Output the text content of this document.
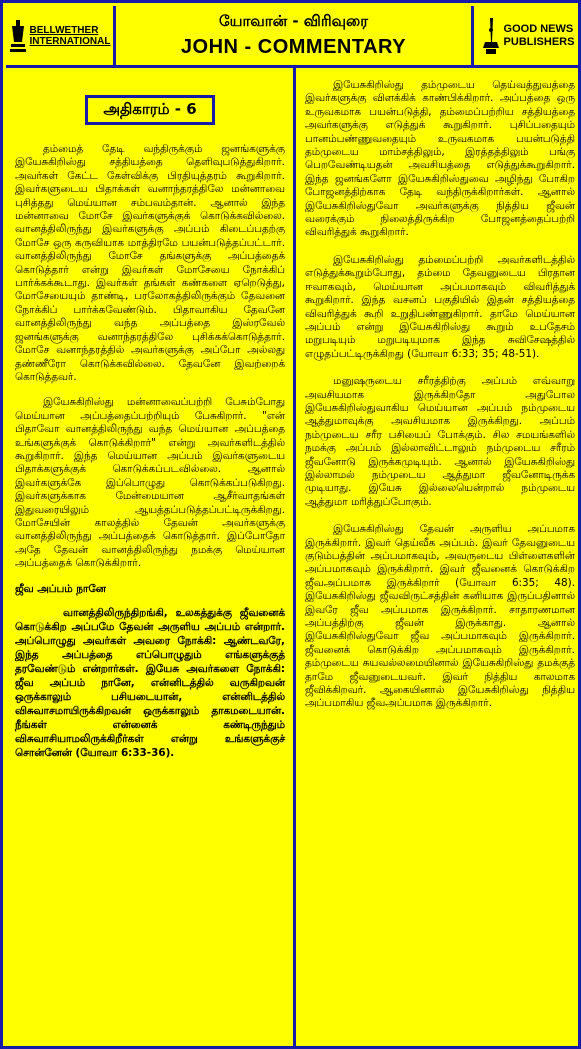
BELLWETHER
INTERNATIONAL
யோவான் - விரிவுரை
JOHN - COMMENTARY
GOOD NEWS
PUBLISHERS
அதிகாரம் - 6

தம்மைத் தேடி வந்திருக்கும் ஜனங்களுக்கு இயேசுகிறிஸ்து சத்தியத்தை தெளிவுபடுத்துகிறார். அவர்கள் கேட்ட கேள்விக்கு பிரதியுத்தரம் கூறுகிறார். இவர்களுடைய பிதாக்கள் வனாந்தரத்திலே மன்னாவை புசித்தது மெய்யான சம்பவம்தான். ஆனால் இந்த மன்னாவை மோசே இவர்களுக்குக் கொடுக்கவில்லை. வானத்திலிருந்து இவர்களுக்கு அப்பம் கிடைப்பதற்கு மோசே ஒரு கருவியாக மாத்திரமே பயன்படுத்தப்பட்டார். வானத்திலிருந்து மோசே தங்களுக்கு அப்பத்தைக் கொடுத்தார் என்று இவர்கள் மோசேயை நோக்கிப் பார்க்கக்கூடாது. இவர்கள் தங்கள் கண்களை ஏறெடுத்து, மோசேயையும் தாண்டி, பரலோகத்திலிருக்கும் தேவனை நோக்கிப் பார்க்கவேண்டும். பிதாவாகிய தேவனே வானத்திலிருந்து வந்த அப்பத்தை இஸ்ரவேல் ஜனங்களுக்கு வனாந்தரத்திலே புசிக்கக்கொடுத்தார். மோசே வனாந்தரத்தில் அவர்களுக்கு அப்போ அல்லது தண்ணீரோ கொடுக்கவில்லை. தேவனே இவற்றைக் கொடுத்தவர்.

இயேசுகிறிஸ்து மன்னாவைப்பற்றி பேசும்போது மெய்யான அப்பத்தைப்பற்றியும் பேசுகிறார். "என் பிதாவோ வானத்திலிருந்து வந்த மெய்யான அப்பத்தை உங்களுக்குக் கொடுக்கிறார்" என்று அவர்களிடத்தில் கூறுகிறார். இந்த மெய்யான அப்பம் இவர்களுடைய பிதாக்களுக்குக் கொடுக்கப்படவில்லை. ஆனால் இவர்களுக்கே இப்பொழுது கொடுக்கப்படுகிறது. இவர்களுக்காக மேன்மையான ஆசீர்வாதங்கள் இதுவரையிலும் ஆயத்தப்படுத்தப்பட்டிருக்கிறது. மோசேயின் காலத்தில் தேவன் அவர்களுக்கு வானத்திலிருந்து அப்பத்தைக் கொடுத்தார். இப்போதோ அதே தேவன் வானத்திலிருந்து நமக்கு மெய்யான அப்பத்தைக் கொடுக்கிறார்.

ஜீவ அப்பம் நானே

வானத்திலிருந்திறங்கி, உலகத்துக்கு ஜீவனைக் கொடுக்கிற அப்பமே தேவன் அருளிய அப்பம் என்றார். அப்பொழுது அவர்கள் அவரை நோக்கி: ஆண்டவரே, இந்த அப்பத்தை எப்பொழுதும் எங்களுக்குத் தரவேண்டும் என்றார்கள். இயேசு அவர்களை நோக்கி: ஜீவ அப்பம் நானே, என்னிடத்தில் வருகிறவன் ஒருக்காலும் பசியடையான், என்னிடத்தில் விசுவாசமாயிருக்கிறவன் ஒருக்காலும் தாகமடையான். நீங்கள் என்னைக் கண்டிருந்தும் விசுவாசியாமலிருக்கிறீர்கள் என்று உங்களுக்குச் சொன்னேன் (யோவா 6:33-36).

இயேசுகிறிஸ்து தம்முடைய தெய்வத்துவத்தை இவர்களுக்கு விளக்கிக் காண்பிக்கிறார். அப்பத்தை ஒரு உருவகமாக பயன்படுத்தி, தம்மைப்பற்றிய சத்தியத்தை அவர்களுக்கு எடுத்துக் கூறுகிறார். புசிப்பதையும் பானம்பண்ணுவதையும் உருவகமாக பயன்படுத்தி தம்முடைய மாம்சத்திலும், இரத்தத்திலும் பங்கு பெறவேண்டியதன் அவசியத்தை எடுத்துக்கூறுகிறார். இந்த ஜனங்களோ இயேசுகிறிஸ்துவை அழிந்து போகிற போஜனத்திற்காக தேடி வந்திருக்கிறார்கள். ஆனால் இயேசுகிறிஸ்துவோ அவர்களுக்கு நித்திய ஜீவன் வரைக்கும் நிலைத்திருக்கிற போஜனத்தைப்பற்றி விவரித்துக் கூறுகிறார்.

இயேசுகிறிஸ்து தம்மைப்பற்றி அவர்களிடத்தில் எடுத்துக்கூறும்போது, தம்மை தேவனுடைய பிரதான ஈவாகவும், மெய்யான அப்பமாகவும் விவரித்துக் கூறுகிறார். இந்த வசனப் பகுதியில் இதன் சத்தியத்தை விவரித்துக் கூறி உறுதிபண்ணுகிறார். தாமே மெய்யான அப்பம் என்று இயேசுகிறிஸ்து கூறும் உபதேசம் மறுபடியும் மறுபடியுமாக இந்த சுவிசேஷத்தில் எழுதப்பட்டிருக்கிறது (யோவா 6:33; 35; 48-51).

மனுஷருடைய சரீரத்திற்கு அப்பம் எவ்வாறு அவசியமாக இருக்கிறதோ அதுபோல இயேசுகிறிஸ்துவாகிய மெய்யான அப்பம் நம்முடைய ஆத்துமாவுக்கு அவசியமாக இருக்கிறது. அப்பம் நம்முடைய சரீர பசியைப் போக்கும். சில சமயங்களில் நமக்கு அப்பம் இல்லாவிட்டாலும் நம்முடைய சரீரம் ஜீவனோடு இருக்கமுடியும். ஆனால் இயேசுகிறிஸ்து இல்லாமல் நம்முடைய ஆத்துமா ஜீவனோடிருக்க முடியாது. இயேசு இல்லையென்றால் நம்முடைய ஆத்துமா மரித்துப்போகும்.

இயேசுகிறிஸ்து தேவன் அருளிய அப்பமாக இருக்கிறார். இவர் தெய்வீக அப்பம். இவர் தேவனுடைய குடும்பத்தின் அப்பமாகவும், அவருடைய பிள்ளைகளின் அப்பமாகவும் இருக்கிறார். இவர் ஜீவனைக் கொடுக்கிற ஜீவஅப்பமாக இருக்கிறார் (யோவா 6:35; 48). இயேசுகிறிஸ்து ஜீவவிருட்சத்தின் கனியாக இருப்பதினால் இவரே ஜீவ அப்பமாக இருக்கிறார். சாதாரணமான அப்பத்திற்கு ஜீவன் இருக்காது. ஆனால் இயேசுகிறிஸ்துவோ ஜீவ அப்பமாகவும் இருக்கிறார். ஜீவனைக் கொடுக்கிற அப்பமாகவும் இருக்கிறார். தம்முடைய சுயவல்லமையினால் இயேசுகிறிஸ்து தமக்குத் தாமே ஜீவனுடையவர். இவர் நித்திய காலமாக ஜீவிக்கிறவர். ஆகையினால் இயேசுகிறிஸ்து நித்திய அப்பமாகிய ஜீவஅப்பமாக இருக்கிறார்.
